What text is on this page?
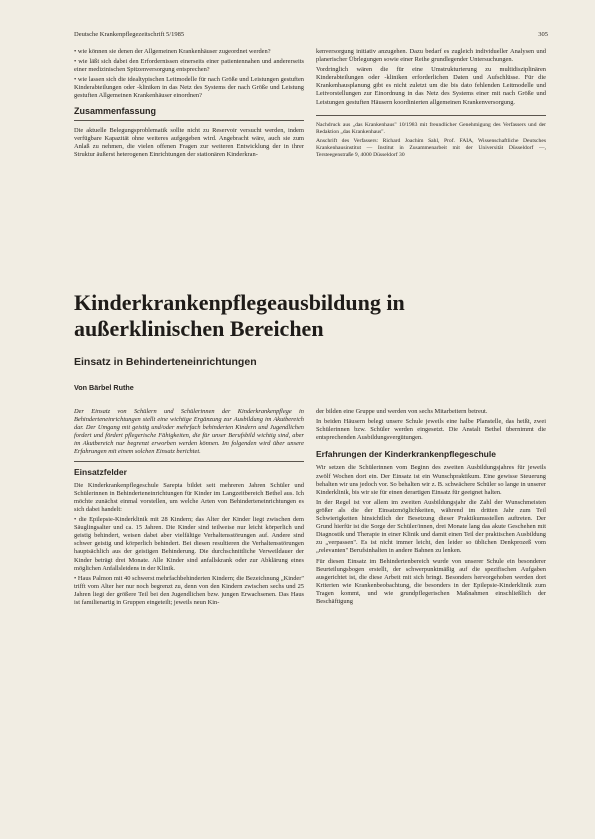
Deutsche Krankenpflegezeitschrift 5/1985	305

• wie können sie denen der Allgemeinen Krankenhäuser zugeordnet werden?

• wie läßt sich dabei den Erfordernissen einerseits einer patientennahen und andererseits einer medizinischen Spitzenversorgung entsprechen?

• wie lassen sich die idealtypischen Leitmodelle für nach Größe und Leistungen gestuften Kinderabteilungen oder -kliniken in das Netz des Systems der nach Größe und Leistung gestuften Allgemeinen Krankenhäuser einordnen?

Zusammenfassung

Die aktuelle Belegungsproblematik sollte nicht zu Reservoir versucht werden, indem verfügbare Kapazität ohne weiteres aufgegeben wird. Angebracht wäre, auch sie zum Anlaß zu nehmen, die vielen offenen Fragen zur weiteren Entwicklung der in ihrer Struktur äußerst heterogenen Einrichtungen der stationären Kinderkran-

kenversorgung initiativ anzugehen. Dazu bedarf es zugleich individueller Analysen und planerischer Übrlegungen sowie einer Reihe grundlegender Untersuchungen.

Vordringlich wären die für eine Umstrukturierung zu multidisziplinären Kinderabteilungen oder -kliniken erforderlichen Daten und Aufschlüsse. Für die Krankenhausplanung gibt es nicht zuletzt um die bis dato fehlenden Leitmodelle und Leitvorstellungen zur Einordnung in das Netz des Systems einer mit nach Größe und Leistungen gestuften Häusern koordinierten allgemeinen Krankenversorgung.

Nachdruck aus „das Krankenhaus" 10/1983 mit freundlicher Genehmigung des Verfassers und der Redaktion „das Krankenhaus".

Anschrift des Verfassers: Richard Joachim Sahl, Prof. FAIA, Wissenschaftliche Deutsches Krankenhausinstitut — Institut in Zusammenarbeit mit der Universität Düsseldorf —, Tersteegenstraße 9, 4000 Düsseldorf 30

Kinderkrankenpflegeausbildung in außerklinischen Bereichen
Einsatz in Behinderteneinrichtungen
Von Bärbel Ruthe

Der Einsatz von Schülern und Schülerinnen der Kinderkrankenpflege in Behinderteneinrichtungen stellt eine wichtige Ergänzung zur Ausbildung im Akutbereich dar. Der Umgang mit geistig und/oder mehrfach behinderten Kindern und Jugendlichen fordert und fördert pflegerische Fähigkeiten, die für unser Berufsbild wichtig sind, aber im Akutbereich nur begrenzt erworben werden können. Im folgenden wird über unsere Erfahrungen mit einem solchen Einsatz berichtet.

Einsatzfelder

Die Kinderkrankenpflegeschule Sarepta bildet seit mehreren Jahren Schüler und Schülerinnen in Behinderteneinrichtungen für Kinder im Langzeitbereich Bethel aus. Ich möchte zunächst einmal vorstellen, um welche Arten von Behinderteneinrichtungen es sich dabei handelt:

• die Epilepsie-Kinderklinik mit 28 Kindern; das Alter der Kinder liegt zwischen dem Säuglingsalter und ca. 15 Jahren. Die Kinder sind teilweise nur leicht körperlich und geistig behindert, weisen dabei aber vielfältige Verhaltensstörungen auf. Andere sind schwer geistig und körperlich behindert. Bei diesen resultieren die Verhaltensstörungen hauptsächlich aus der geistigen Behinderung. Die durchschnittliche Verweildauer der Kinder beträgt drei Monate. Alle Kinder sind anfallskrank oder zur Abklärung eines möglichen Anfallsleidens in der Klinik.

• Haus Palmon mit 40 schwerst mehrfachbehinderten Kindern; die Bezeichnung „Kinder" trifft vom Alter her nur noch begrenzt zu, denn von den Kindern zwischen sechs und 25 Jahren liegt der größere Teil bei den Jugendlichen bzw. jungen Erwachsenen. Das Haus ist familienartig in Gruppen eingeteilt; jeweils neun Kin-

der bilden eine Gruppe und werden von sechs Mitarbeitern betreut.

In beiden Häusern belegt unsere Schule jeweils eine halbe Planstelle, das heißt, zwei Schülerinnen bzw. Schüler werden eingesetzt. Die Anstalt Bethel übernimmt die entsprechenden Ausbildungsvergütungen.

Erfahrungen der Kinderkrankenpflegeschule

Wir setzen die Schülerinnen vom Beginn des zweiten Ausbildungsjahres für jeweils zwölf Wochen dort ein. Der Einsatz ist ein Wunschpraktikum. Eine gewisse Steuerung behalten wir uns jedoch vor. So behalten wir z. B. schwächere Schüler so lange in unserer Kinderklinik, bis wir sie für einen derartigen Einsatz für geeignet halten.

In der Regel ist vor allem im zweiten Ausbildungsjahr die Zahl der Wunschmeisten größer als die der Einsatzmöglichkeiten, während im dritten Jahr zum Teil Schwierigkeiten hinsichtlich der Besetzung dieser Praktikumsstellen auftreten. Der Grund hierfür ist die Sorge der Schüler/innen, drei Monate lang das akute Geschehen mit Diagnostik und Therapie in einer Klinik und damit einen Teil der praktischen Ausbildung zu „verpassen". Es ist nicht immer leicht, den leider so üblichen Denkprozeß vom „relevanten" Berufsinhalten in andere Bahnen zu lenken.

Für diesen Einsatz im Behindertenbereich wurde von unserer Schule ein besonderer Beurteilungsbogen erstellt, der schwerpunktmäßig auf die spezifischen Aufgaben ausgerichtet ist, die diese Arbeit mit sich bringt. Besonders hervorgehoben werden dort Kriterien wie Krankenbeobachtung, die besonders in der Epilepsie-Kinderklinik zum Tragen kommt, und wie grundpflegerischen Maßnahmen einschließlich der Beschäftigung
